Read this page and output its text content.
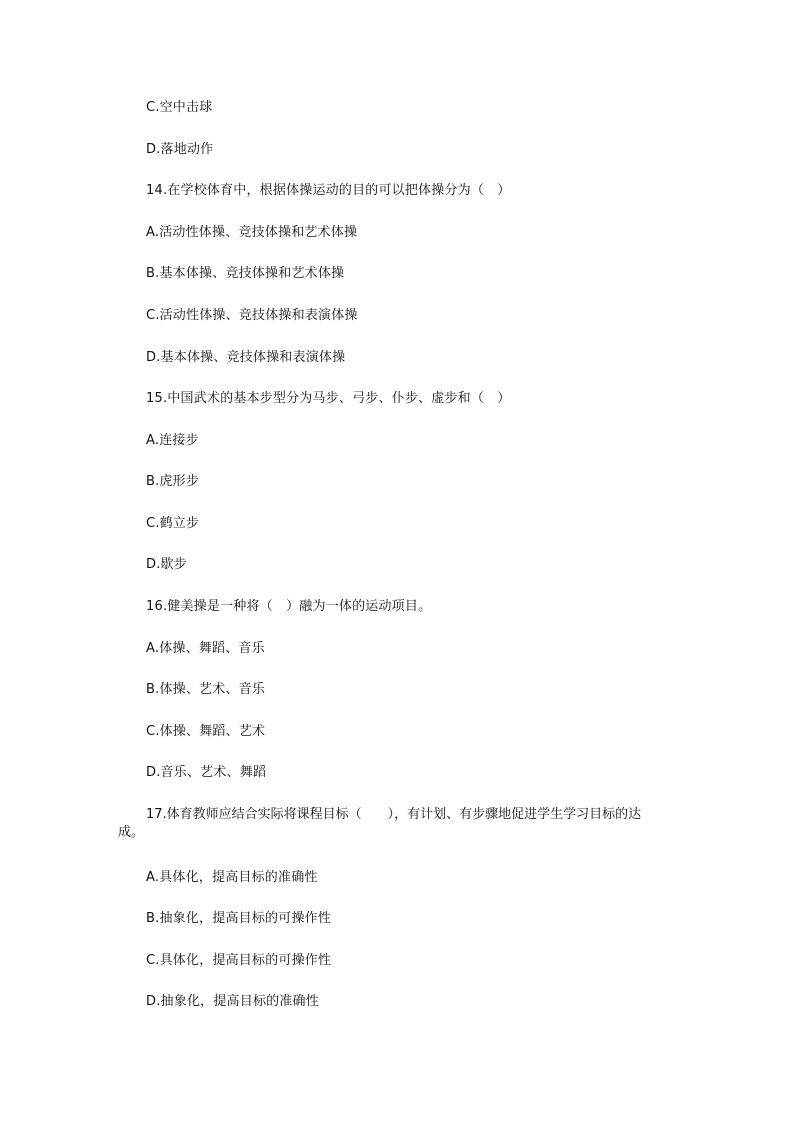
C.空中击球
D.落地动作
14.在学校体育中，根据体操运动的目的可以把体操分为（　）
A.活动性体操、竞技体操和艺术体操
B.基本体操、竞技体操和艺术体操
C.活动性体操、竞技体操和表演体操
D.基本体操、竞技体操和表演体操
15.中国武术的基本步型分为马步、弓步、仆步、虚步和（　）
A.连接步
B.虎形步
C.鹤立步
D.歇步
16.健美操是一种将（　）融为一体的运动项目。
A.体操、舞蹈、音乐
B.体操、艺术、音乐
C.体操、舞蹈、艺术
D.音乐、艺术、舞蹈
17.体育教师应结合实际将课程目标（　　），有计划、有步骤地促进学生学习目标的达
成。
A.具体化，提高目标的准确性
B.抽象化，提高目标的可操作性
C.具体化，提高目标的可操作性
D.抽象化，提高目标的准确性
